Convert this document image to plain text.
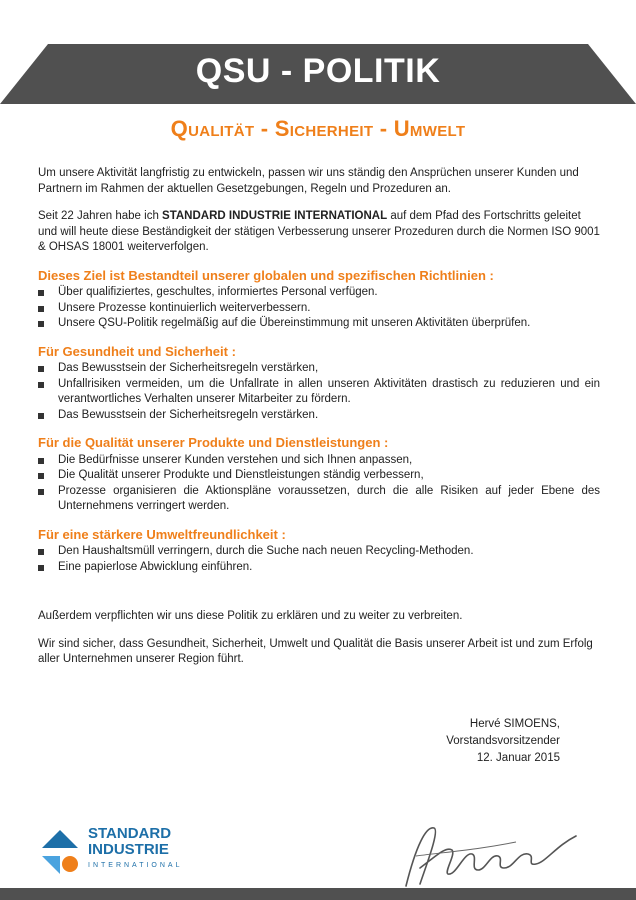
QSU - POLITIK
Qualität - Sicherheit - Umwelt

Um unsere Aktivität langfristig zu entwickeln, passen wir uns ständig den Ansprüchen unserer Kunden und Partnern im Rahmen der aktuellen Gesetzgebungen, Regeln und Prozeduren an.

Seit 22 Jahren habe ich STANDARD INDUSTRIE INTERNATIONAL auf dem Pfad des Fortschritts geleitet und will heute diese Beständigkeit der stätigen Verbesserung unserer Prozeduren durch die Normen ISO 9001 & OHSAS 18001 weiterverfolgen.

Dieses Ziel ist Bestandteil unserer globalen und spezifischen Richtlinien :
Über qualifiziertes, geschultes, informiertes Personal verfügen.
Unsere Prozesse kontinuierlich weiterverbessern.
Unsere QSU-Politik regelmäßig auf die Übereinstimmung mit unseren Aktivitäten überprüfen.
Für Gesundheit und Sicherheit :
Das Bewusstsein der Sicherheitsregeln verstärken,
Unfallrisiken vermeiden, um die Unfallrate in allen unseren Aktivitäten drastisch zu reduzieren und ein verantwortliches Verhalten unserer Mitarbeiter zu fördern.
Das Bewusstsein der Sicherheitsregeln verstärken.
Für die Qualität unserer Produkte und Dienstleistungen :
Die Bedürfnisse unserer Kunden verstehen und sich Ihnen anpassen,
Die Qualität unserer Produkte und Dienstleistungen ständig verbessern,
Prozesse organisieren die Aktionspläne voraussetzen, durch die alle Risiken auf jeder Ebene des Unternehmens verringert werden.
Für eine stärkere Umweltfreundlichkeit :
Den Haushaltsmüll verringern, durch die Suche nach neuen Recycling-Methoden.
Eine papierlose Abwicklung einführen.

Außerdem verpflichten wir uns diese Politik zu erklären und zu weiter zu verbreiten.

Wir sind sicher, dass Gesundheit, Sicherheit, Umwelt und Qualität die Basis unserer Arbeit ist und zum Erfolg aller Unternehmen unserer Region führt.

Hervé SIMOENS,
Vorstandsvorsitzender
12. Januar 2015
STANDARD
INDUSTRIE
INTERNATIONAL
